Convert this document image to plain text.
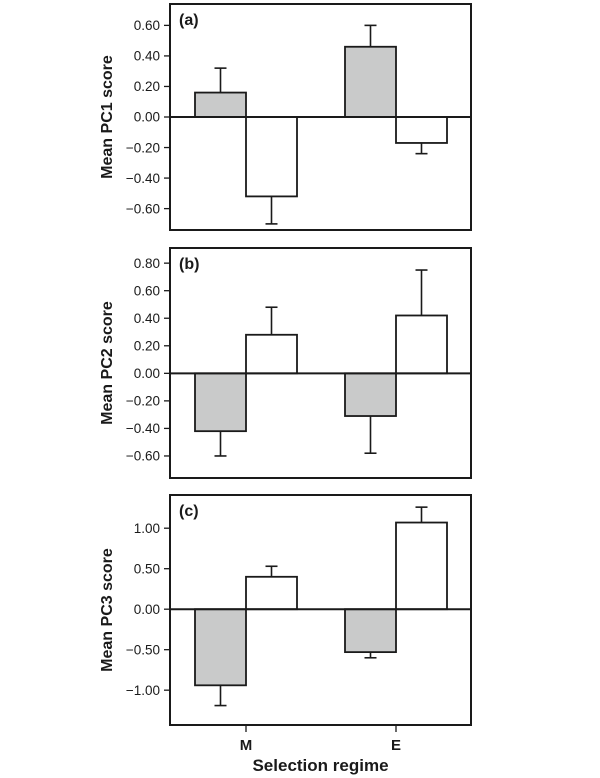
0.60
0.40
0.20
0.00
−0.20
−0.40
−0.60
Mean PC1 score
(a)
0.80
0.60
0.40
0.20
0.00
−0.20
−0.40
−0.60
Mean PC2 score
(b)
1.00
0.50
0.00
−0.50
−1.00
Mean PC3 score
(c)
M	E
Selection regime
